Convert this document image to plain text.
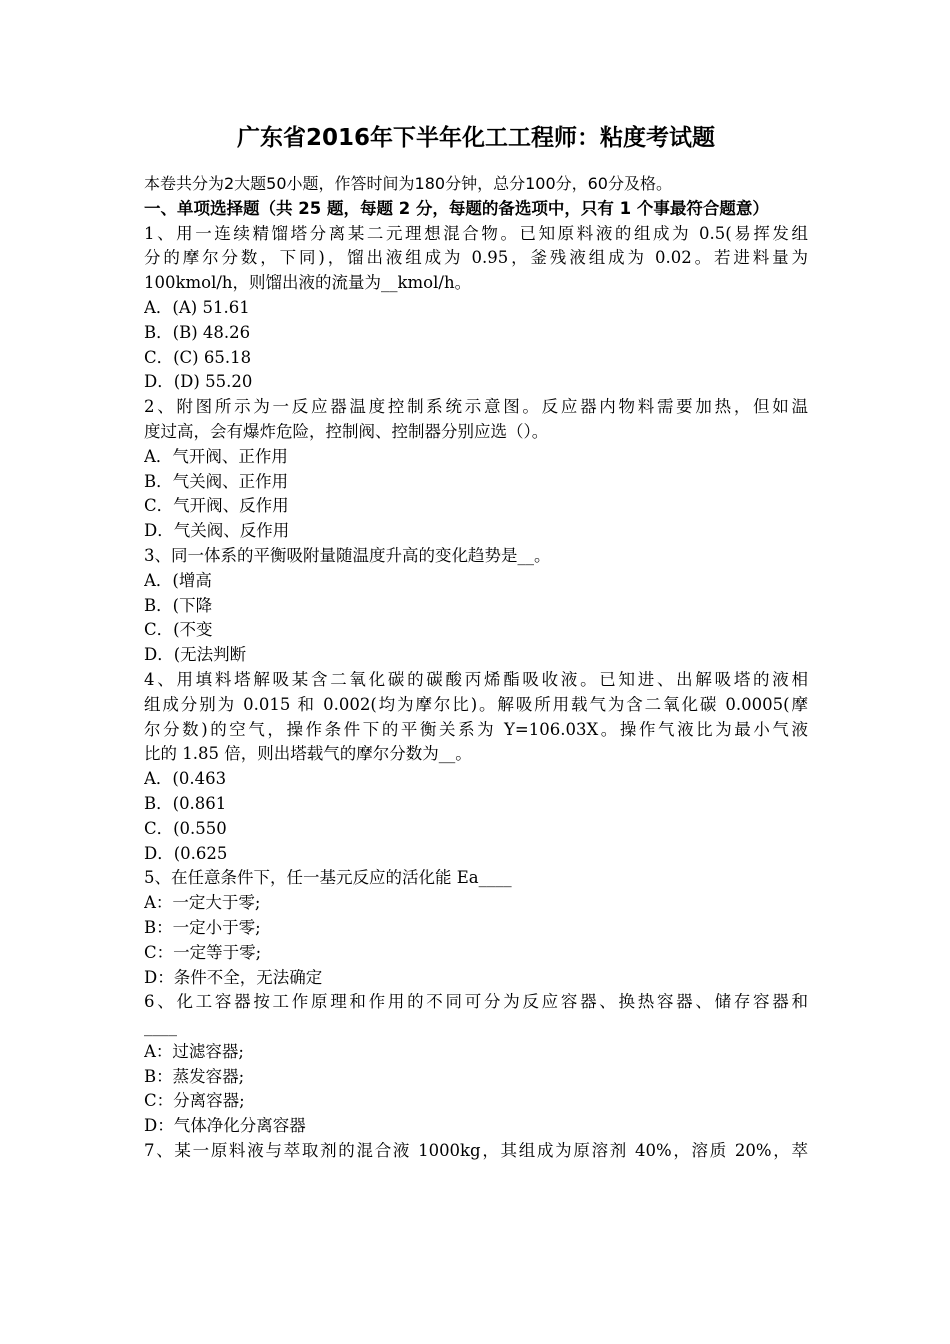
广东省2016年下半年化工工程师：粘度考试题
本卷共分为2大题50小题，作答时间为180分钟，总分100分，60分及格。
一、单项选择题（共 25 题，每题 2 分，每题的备选项中，只有 1 个事最符合题意）
1、用一连续精馏塔分离某二元理想混合物。已知原料液的组成为 0.5(易挥发组
分的摩尔分数，下同)，馏出液组成为 0.95，釜残液组成为 0.02。若进料量为
100kmol/h，则馏出液的流量为__kmol/h。
A．(A) 51.61
B．(B) 48.26
C．(C) 65.18
D．(D) 55.20
2、附图所示为一反应器温度控制系统示意图。反应器内物料需要加热，但如温
度过高，会有爆炸危险，控制阀、控制器分别应选（）。
A．气开阀、正作用
B．气关阀、正作用
C．气开阀、反作用
D．气关阀、反作用
3、同一体系的平衡吸附量随温度升高的变化趋势是__。
A．(增高
B．(下降
C．(不变
D．(无法判断
4、用填料塔解吸某含二氧化碳的碳酸丙烯酯吸收液。已知进、出解吸塔的液相
组成分别为 0.015 和 0.002(均为摩尔比)。解吸所用载气为含二氧化碳 0.0005(摩
尔分数)的空气，操作条件下的平衡关系为 Y=106.03X。操作气液比为最小气液
比的 1.85 倍，则出塔载气的摩尔分数为__。
A．(0.463
B．(0.861
C．(0.550
D．(0.625
5、在任意条件下，任一基元反应的活化能 Ea____
A：一定大于零;
B：一定小于零;
C：一定等于零;
D：条件不全，无法确定
6、化工容器按工作原理和作用的不同可分为反应容器、换热容器、储存容器和
____
A：过滤容器;
B：蒸发容器;
C：分离容器;
D：气体净化分离容器
7、某一原料液与萃取剂的混合液 1000kg，其组成为原溶剂 40%，溶质 20%，萃
